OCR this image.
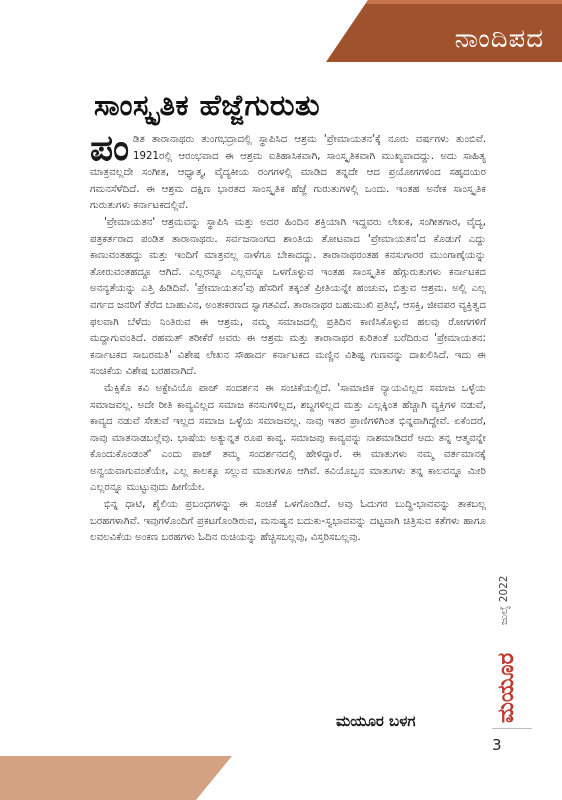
ನಾಂದಿಪದ
ಸಾಂಸ್ಕೃತಿಕ ಹೆಜ್ಜೆಗುರುತು

ಪಂಡಿತ ತಾರಾನಾಥರು ತುಂಗಭದ್ರಾದಲ್ಲಿ ಸ್ಥಾಪಿಸಿದ ಆಶ್ರಮ 'ಪ್ರೇಮಾಯತನ'ಕ್ಕೆ ನೂರು ವರ್ಷಗಳು ತುಂಬಿವೆ. 1921ರಲ್ಲಿ ಆರಂಭವಾದ ಈ ಆಶ್ರಮ ಐತಿಹಾಸಿಕವಾಗಿ, ಸಾಂಸ್ಕೃತಿಕವಾಗಿ ಮುಖ್ಯವಾದದ್ದು. ಅದು ಸಾಹಿತ್ಯ ಮಾತ್ರವಲ್ಲದೇ ಸಂಗೀತ, ಆಧ್ಯಾತ್ಮ, ವೈದ್ಯಕೀಯ ರಂಗಗಳಲ್ಲಿ ಮಾಡಿದ ತನ್ನದೇ ಆದ ಪ್ರಯೋಗಗಳಿಂದ ಸಹೃದಯರ ಗಮನಸೆಳೆದಿದೆ. ಈ ಆಶ್ರಮ ದಕ್ಷಿಣ ಭಾರತದ ಸಾಂಸ್ಕೃತಿಕ ಹೆಜ್ಜೆ ಗುರುತುಗಳಲ್ಲಿ ಒಂದು. ಇಂತಹ ಅನೇಕ ಸಾಂಸ್ಕೃತಿಕ ಗುರುತುಗಳು ಕರ್ನಾಟಕದಲ್ಲಿವೆ.

'ಪ್ರೇಮಾಯತನ' ಆಶ್ರಮವನ್ನು ಸ್ಥಾಪಿಸಿ ಮತ್ತು ಅದರ ಹಿಂದಿನ ಶಕ್ತಿಯಾಗಿ ಇದ್ದವರು ಲೇಖಕ, ಸಂಗೀತಗಾರ, ವೈದ್ಯ, ಪತ್ರಕರ್ತರಾದ ಪಂಡಿತ ತಾರಾನಾಥರು. ಸರ್ವಜನಾಂಗದ ಶಾಂತಿಯ ತೋಟವಾದ 'ಪ್ರೇಮಾಯತನ'ದ ಕೊಡುಗೆ ಎದ್ದು ಕಾಣುವಂತಹದ್ದು ಮತ್ತು ಇಂದಿಗೆ ಮಾತ್ರವಲ್ಲ ನಾಳೆಗೂ ಬೇಕಾದದ್ದು. ತಾರಾನಾಥರಂತಹ ಕನಸುಗಾರರ ಮುಂಗಾಣ್ಕೆಯನ್ನು ತೋರುವಂತಹದ್ದೂ ಆಗಿದೆ. ಎಲ್ಲರನ್ನೂ ಎಲ್ಲವನ್ನೂ ಒಳಗೊಳ್ಳುವ ಇಂತಹ ಸಾಂಸ್ಕೃತಿಕ ಹೆಗ್ಗುರುತುಗಳು ಕರ್ನಾಟಕದ ಅನನ್ಯತೆಯನ್ನು ಎತ್ತಿ ಹಿಡಿದಿವೆ. 'ಪ್ರೇಮಾಯತನ'ವು ಹೆಸರಿಗೆ ತಕ್ಕಂತೆ ಪ್ರೀತಿಯನ್ನೇ ಹಂಚುವ, ಬಿತ್ತುವ ಆಶ್ರಮ. ಅಲ್ಲಿ ಎಲ್ಲ ವರ್ಗದ ಜನರಿಗೆ ತೆರೆದ ಬಾಹುವಿನ, ಅಂತಃಕರಣದ ಸ್ವಾಗತವಿದೆ. ತಾರಾನಾಥರ ಬಹುಮುಖಿ ಪ್ರತಿಭೆ, ಆಸಕ್ತಿ, ಜೀವಪರ ವ್ಯಕ್ತಿತ್ವದ ಫಲವಾಗಿ ಬೆಳೆದು ನಿಂತಿರುವ ಈ ಆಶ್ರಮ, ನಮ್ಮ ಸಮಾಜದಲ್ಲಿ ಪ್ರತಿದಿನ ಕಾಣಿಸಿಕೊಳ್ಳುವ ಹಲವು ರೋಗಗಳಿಗೆ ಮದ್ದಾಗುವಂತಿದೆ. ರಹಮತ್ ತರೀಕೆರೆ ಅವರು ಈ ಆಶ್ರಮ ಮತ್ತು ತಾರಾನಾಥರ ಕುರಿತಂತೆ ಬರೆದಿರುವ 'ಪ್ರೇಮಾಯತನ: ಕರ್ನಾಟಕದ ಸಾಬರಮತಿ' ವಿಶೇಷ ಲೇಖನ ಸೌಹಾರ್ದ ಕರ್ನಾಟಕದ ಮಣ್ಣಿನ ವಿಶಿಷ್ಟ ಗುಣವನ್ನು ದಾಖಲಿಸಿದೆ. ಇದು ಈ ಸಂಚಿಕೆಯ ವಿಶೇಷ ಬರಹವಾಗಿದೆ.

ಮೆಕ್ಸಿಕೊ ಕವಿ ಅಕ್ಟೇವಿಯೊ ಪಾಜ್ ಸಂದರ್ಶನ ಈ ಸಂಚಿಕೆಯಲ್ಲಿದೆ. 'ಸಾಮಾಜಿಕ ನ್ಯಾಯವಿಲ್ಲದ ಸಮಾಜ ಒಳ್ಳೆಯ ಸಮಾಜವಲ್ಲ. ಅದೇ ರೀತಿ ಕಾವ್ಯವಿಲ್ಲದ ಸಮಾಜ ಕನಸುಗಳಿಲ್ಲದ, ಶಬ್ದಗಳಿಲ್ಲದ ಮತ್ತು ಎಲ್ಲಕ್ಕಿಂತ ಹೆಚ್ಚಾಗಿ ವ್ಯಕ್ತಿಗಳ ನಡುವೆ, ಕಾವ್ಯದ ನಡುವೆ ಸೇತುವೆ ಇಲ್ಲದ ಸಮಾಜ ಒಳ್ಳೆಯ ಸಮಾಜವಲ್ಲ. ನಾವು ಇತರ ಪ್ರಾಣಿಗಳಿಗಿಂತ ಭಿನ್ನವಾಗಿದ್ದೇವೆ. ಏಕೆಂದರೆ, ನಾವು ಮಾತನಾಡಬಲ್ಲೆವು. ಭಾಷೆಯ ಅತ್ಯುನ್ನತ ರೂಪ ಕಾವ್ಯ. ಸಮಾಜವು ಕಾವ್ಯವನ್ನು ನಾಶಮಾಡಿದರೆ ಅದು ತನ್ನ ಆತ್ಮವನ್ನೇ ಕೊಂದುಕೊಂಡಂತೆ' ಎಂದು ಪಾಜ್ ತಮ್ಮ ಸಂದರ್ಶನದಲ್ಲಿ ಹೇಳಿದ್ದಾರೆ. ಈ ಮಾತುಗಳು ನಮ್ಮ ವರ್ತಮಾನಕ್ಕೆ ಅನ್ವಯವಾಗುವಂತೆಯೇ, ಎಲ್ಲ ಕಾಲಕ್ಕೂ ಸಲ್ಲುವ ಮಾತುಗಳೂ ಆಗಿವೆ. ಕವಿಯೊಬ್ಬನ ಮಾತುಗಳು ತನ್ನ ಕಾಲವನ್ನೂ ಮೀರಿ ಎಲ್ಲರನ್ನೂ ಮುಟ್ಟುವುದು ಹೀಗೆಯೇ.

ಭಿನ್ನ ಧಾಟಿ, ಶೈಲಿಯ ಪ್ರಬಂಧಗಳನ್ನು ಈ ಸಂಚಿಕೆ ಒಳಗೊಂಡಿದೆ. ಅವು ಓದುಗರ ಬುದ್ಧಿ-ಭಾವವನ್ನು ತಾಕಬಲ್ಲ ಬರಹಗಳಾಗಿವೆ. ಇವುಗಳೊಂದಿಗೆ ಪ್ರಕಟಗೊಂಡಿರುವ, ಮನುಷ್ಯನ ಬದುಕು-ಸ್ವಭಾವವನ್ನು ದಟ್ಟವಾಗಿ ಚಿತ್ರಿಸುವ ಕತೆಗಳು ಹಾಗೂ ಲವಲವಿಕೆಯ ಅಂಕಣ ಬರಹಗಳು ಓದಿನ ರುಚಿಯನ್ನು ಹೆಚ್ಚಿಸಬಲ್ಲವು, ವಿಸ್ತರಿಸಬಲ್ಲವು.

ಮಯೂರ ಬಳಗ
ಜುಲೈ 2022
ಮಯೂರ
3
